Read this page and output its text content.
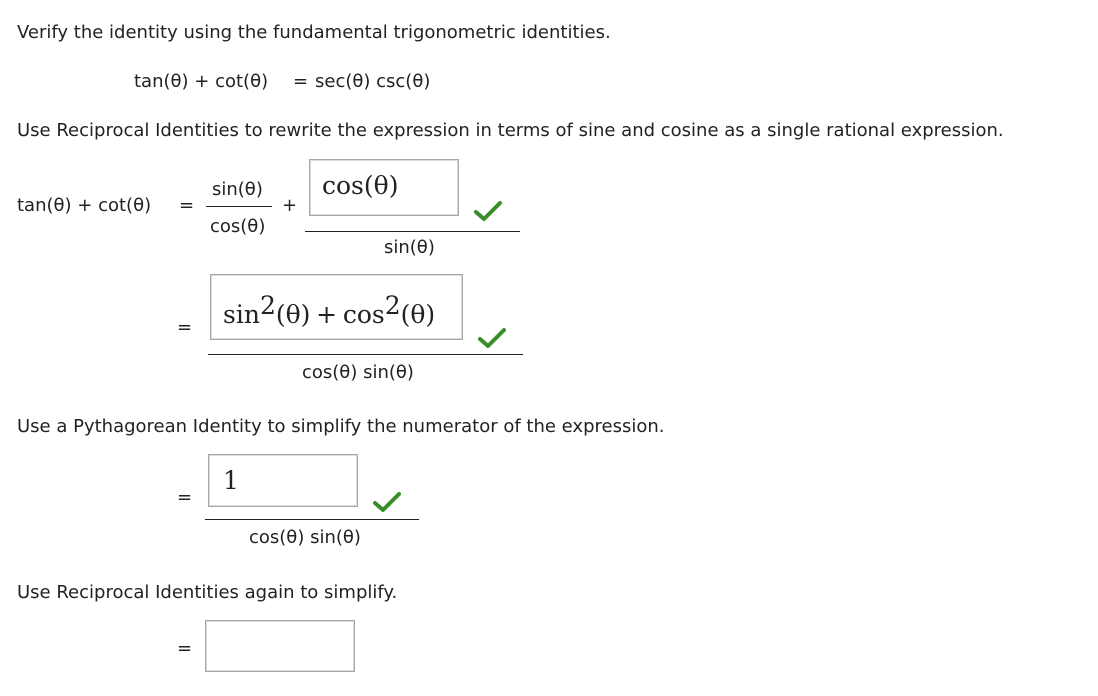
Verify the identity using the fundamental trigonometric identities.
tan(θ) + cot(θ) = sec(θ) csc(θ)
Use Reciprocal Identities to rewrite the expression in terms of sine and cosine as a single rational expression.
tan(θ) + cot(θ) =
sin(θ)
cos(θ)
+
cos(θ)
sin(θ)
=	$\sin^2(\theta) + \cos^2(\theta)$
cos(θ) sin(θ)
Use a Pythagorean Identity to simplify the numerator of the expression.
=
1
cos(θ) sin(θ)
Use Reciprocal Identities again to simplify.
=
